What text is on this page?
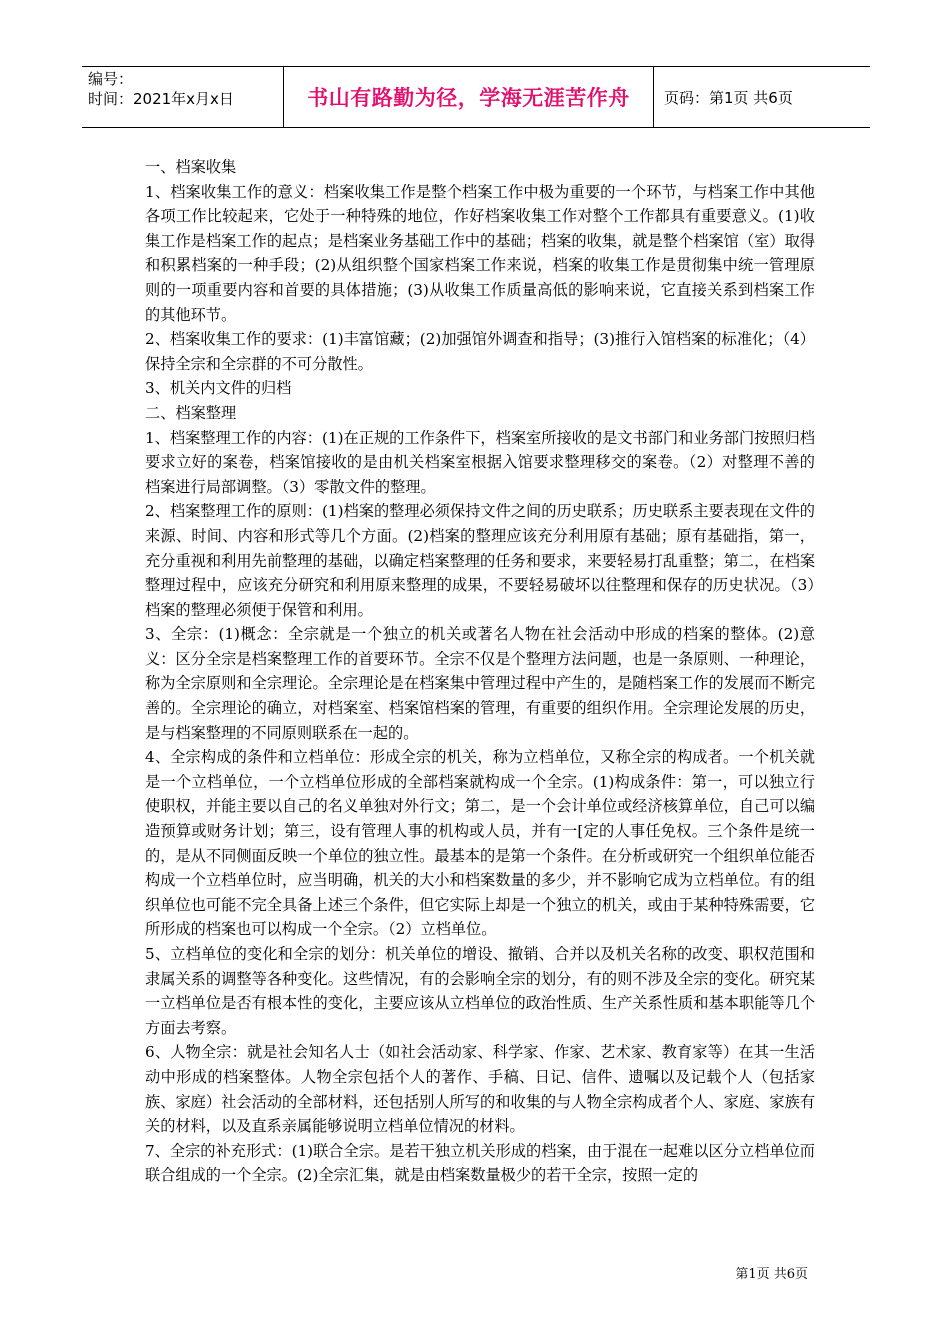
编号：
时间：2021年x月x日	书山有路勤为径，学海无涯苦作舟	页码：第1页 共6页

一、档案收集

1、档案收集工作的意义：档案收集工作是整个档案工作中极为重要的一个环节，与档案工作中其他各项工作比较起来，它处于一种特殊的地位，作好档案收集工作对整个工作都具有重要意义。(1)收集工作是档案工作的起点；是档案业务基础工作中的基础；档案的收集，就是整个档案馆（室）取得和积累档案的一种手段；(2)从组织整个国家档案工作来说，档案的收集工作是贯彻集中统一管理原则的一项重要内容和首要的具体措施；(3)从收集工作质量高低的影响来说，它直接关系到档案工作的其他环节。

2、档案收集工作的要求：(1)丰富馆藏；(2)加强馆外调查和指导；(3)推行入馆档案的标准化；（4）保持全宗和全宗群的不可分散性。

3、机关内文件的归档

二、档案整理

1、档案整理工作的内容：(1)在正规的工作条件下，档案室所接收的是文书部门和业务部门按照归档要求立好的案卷，档案馆接收的是由机关档案室根据入馆要求整理移交的案卷。（2）对整理不善的档案进行局部调整。（3）零散文件的整理。

2、档案整理工作的原则：(1)档案的整理必须保持文件之间的历史联系；历史联系主要表现在文件的来源、时间、内容和形式等几个方面。(2)档案的整理应该充分利用原有基础；原有基础指，第一，充分重视和利用先前整理的基础，以确定档案整理的任务和要求，来要轻易打乱重整；第二，在档案整理过程中，应该充分研究和利用原来整理的成果，不要轻易破坏以往整理和保存的历史状况。（3）档案的整理必须便于保管和利用。

3、全宗：(1)概念：全宗就是一个独立的机关或著名人物在社会活动中形成的档案的整体。(2)意义：区分全宗是档案整理工作的首要环节。全宗不仅是个整理方法问题，也是一条原则、一种理论，称为全宗原则和全宗理论。全宗理论是在档案集中管理过程中产生的，是随档案工作的发展而不断完善的。全宗理论的确立，对档案室、档案馆档案的管理，有重要的组织作用。全宗理论发展的历史，是与档案整理的不同原则联系在一起的。

4、全宗构成的条件和立档单位：形成全宗的机关，称为立档单位，又称全宗的构成者。一个机关就是一个立档单位，一个立档单位形成的全部档案就构成一个全宗。(1)构成条件：第一，可以独立行使职权，并能主要以自己的名义单独对外行文；第二，是一个会计单位或经济核算单位，自己可以编造预算或财务计划；第三，设有管理人事的机构或人员，并有一[定的人事任免权。三个条件是统一的，是从不同侧面反映一个单位的独立性。最基本的是第一个条件。在分析或研究一个组织单位能否构成一个立档单位时，应当明确，机关的大小和档案数量的多少，并不影响它成为立档单位。有的组织单位也可能不完全具备上述三个条件，但它实际上却是一个独立的机关，或由于某种特殊需要，它所形成的档案也可以构成一个全宗。（2）立档单位。

5、立档单位的变化和全宗的划分：机关单位的增设、撤销、合并以及机关名称的改变、职权范围和隶属关系的调整等各种变化。这些情况，有的会影响全宗的划分，有的则不涉及全宗的变化。研究某一立档单位是否有根本性的变化，主要应该从立档单位的政治性质、生产关系性质和基本职能等几个方面去考察。

6、人物全宗：就是社会知名人士（如社会活动家、科学家、作家、艺术家、教育家等）在其一生活动中形成的档案整体。人物全宗包括个人的著作、手稿、日记、信件、遗嘱以及记载个人（包括家族、家庭）社会活动的全部材料，还包括别人所写的和收集的与人物全宗构成者个人、家庭、家族有关的材料，以及直系亲属能够说明立档单位情况的材料。

7、全宗的补充形式：(1)联合全宗。是若干独立机关形成的档案，由于混在一起难以区分立档单位而联合组成的一个全宗。(2)全宗汇集，就是由档案数量极少的若干全宗，按照一定的

第1页 共6页
